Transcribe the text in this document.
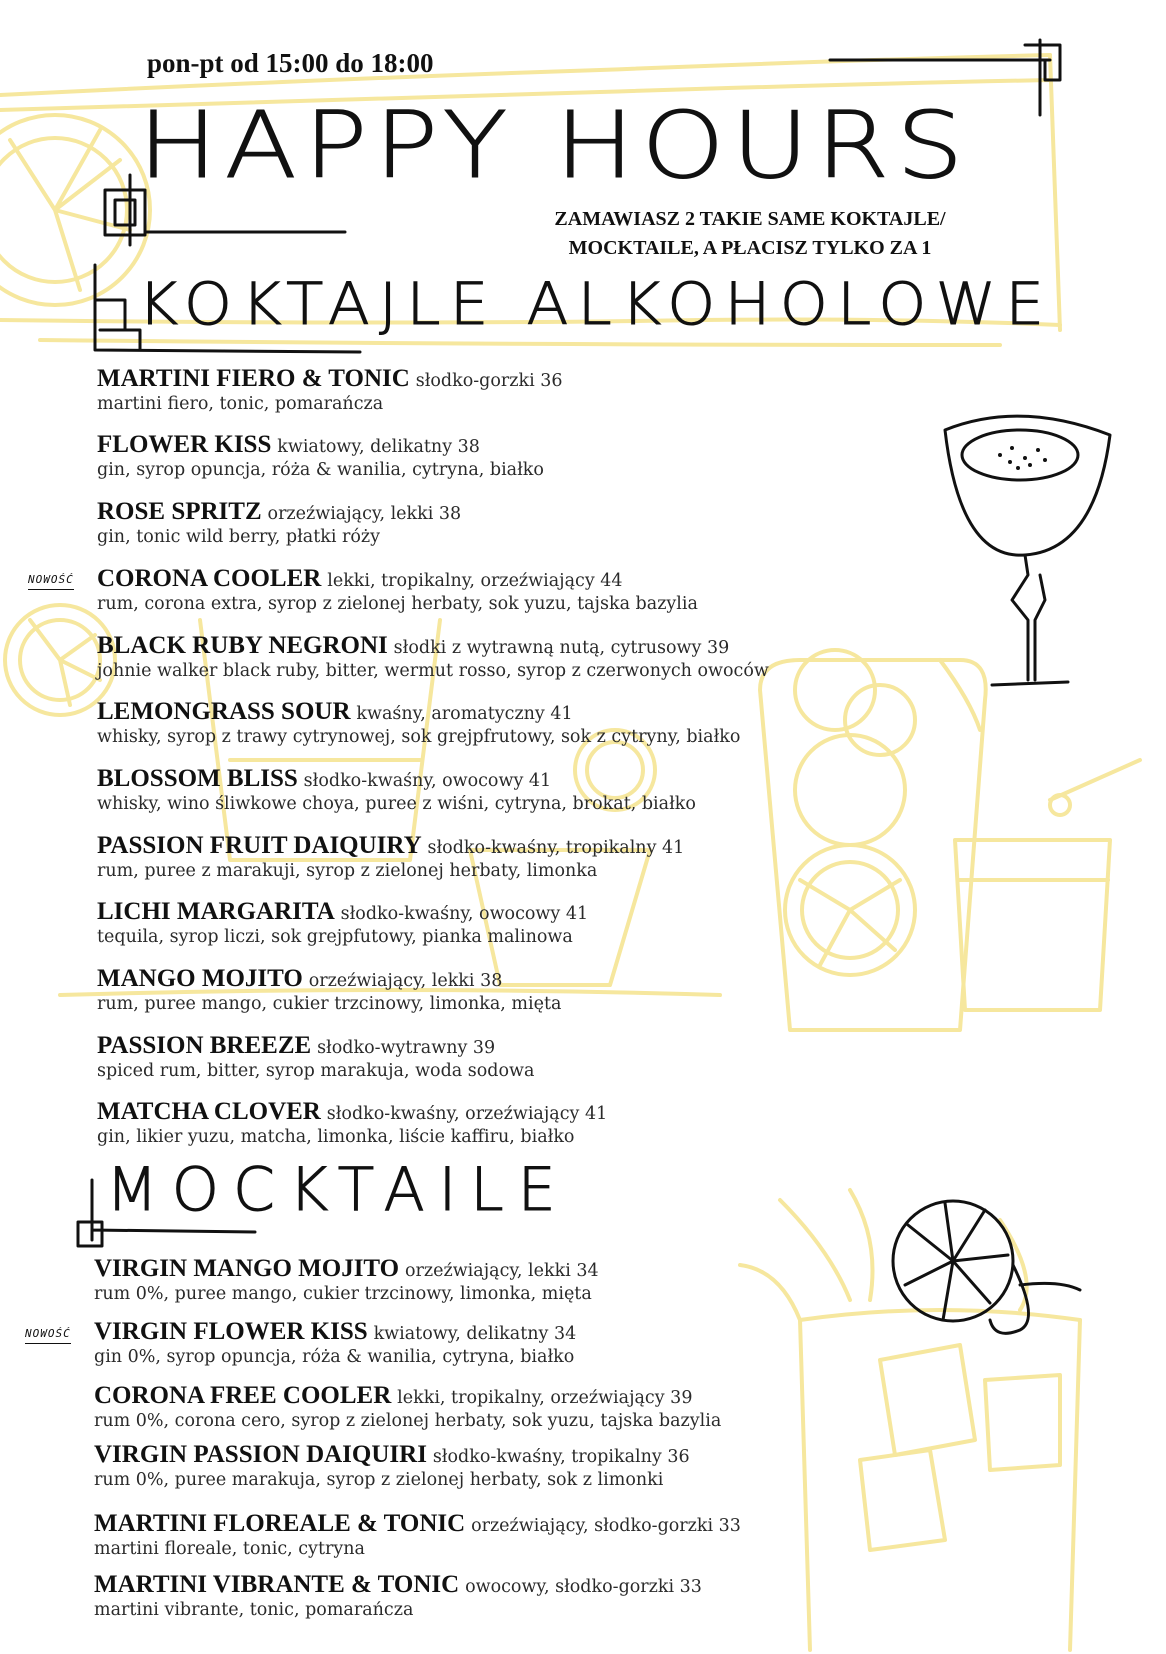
pon-pt od 15:00 do 18:00
HAPPY HOURS
ZAMAWIASZ 2 TAKIE SAME KOKTAJLE/ MOCKTAILE, A PŁACISZ TYLKO ZA 1
KOKTAJLE ALKOHOLOWE
MARTINI FIERO & TONIC słodko-gorzki 36
martini fiero, tonic, pomarańcza
FLOWER KISS kwiatowy, delikatny 38
gin, syrop opuncja, róża & wanilia, cytryna, białko
ROSE SPRITZ orzeźwiający, lekki 38
gin, tonic wild berry, płatki róży
CORONA COOLER lekki, tropikalny, orzeźwiający 44
rum, corona extra, syrop z zielonej herbaty, sok yuzu, tajska bazylia
BLACK RUBY NEGRONI słodki z wytrawną nutą, cytrusowy 39
johnie walker black ruby, bitter, wermut rosso, syrop z czerwonych owoców
LEMONGRASS SOUR kwaśny, aromatyczny 41
whisky, syrop z trawy cytrynowej, sok grejpfrutowy, sok z cytryny, białko
BLOSSOM BLISS słodko-kwaśny, owocowy 41
whisky, wino śliwkowe choya, puree z wiśni, cytryna, brokat, białko
PASSION FRUIT DAIQUIRY słodko-kwaśny, tropikalny 41
rum, puree z marakuji, syrop z zielonej herbaty, limonka
LICHI MARGARITA słodko-kwaśny, owocowy 41
tequila, syrop liczi, sok grejpfutowy, pianka malinowa
MANGO MOJITO orzeźwiający, lekki 38
rum, puree mango, cukier trzcinowy, limonka, mięta
PASSION BREEZE słodko-wytrawny 39
spiced rum, bitter, syrop marakuja, woda sodowa
MATCHA CLOVER słodko-kwaśny, orzeźwiający 41
gin, likier yuzu, matcha, limonka, liście kaffiru, białko
NOWOŚĆ
MOCKTAILE
VIRGIN MANGO MOJITO orzeźwiający, lekki 34
rum 0%, puree mango, cukier trzcinowy, limonka, mięta
VIRGIN FLOWER KISS kwiatowy, delikatny 34
gin 0%, syrop opuncja, róża & wanilia, cytryna, białko
CORONA FREE COOLER lekki, tropikalny, orzeźwiający 39
rum 0%, corona cero, syrop z zielonej herbaty, sok yuzu, tajska bazylia
VIRGIN PASSION DAIQUIRI słodko-kwaśny, tropikalny 36
rum 0%, puree marakuja, syrop z zielonej herbaty, sok z limonki
MARTINI FLOREALE & TONIC orzeźwiający, słodko-gorzki 33
martini floreale, tonic, cytryna
MARTINI VIBRANTE & TONIC owocowy, słodko-gorzki 33
martini vibrante, tonic, pomarańcza
NOWOŚĆ
